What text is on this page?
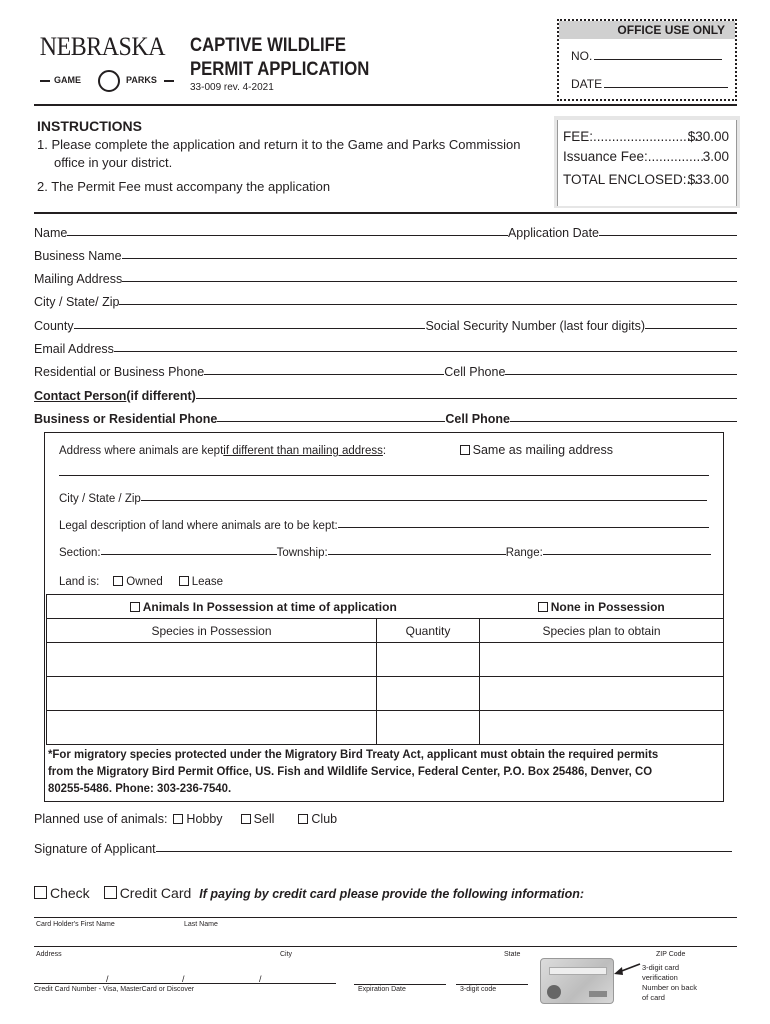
NEBRASKA
GAME	PARKS
CAPTIVE WILDLIFE
PERMIT APPLICATION
33-009 rev. 4-2021
OFFICE USE ONLY
NO.
DATE
INSTRUCTIONS
1. Please complete the application and return it to the Game and Parks Commission
office in your district.
2. The Permit Fee must accompany the application
FEE:............................
$30.00
Issuance Fee:...............
3.00
TOTAL ENCLOSED:...
$33.00
Name	Application Date
Business Name
Mailing Address
City / State/ Zip
County	Social Security Number (last four digits)
Email Address
Residential or Business Phone	Cell Phone
Contact Person (if different)
Business or Residential Phone	Cell Phone
Address where animals are kept if different than mailing address :	Same as mailing address
City / State / Zip
Legal description of land where animals are to be kept:
Section:	Township:	Range:
Land is:	Owned	Lease
Animals In Possession at time of application		None in Possession
Species in Possession	Quantity	Species plan to obtain

*For migratory species protected under the Migratory Bird Treaty Act, applicant must obtain the required permits from the Migratory Bird Permit Office, US. Fish and Wildlife Service, Federal Center, P.O. Box 25486, Denver, CO 80255-5486. Phone: 303-236-7540.
Planned use of animals:	Hobby	Sell	Club
Signature of Applicant
Check	Credit Card If paying by credit card please provide the following information:
Card Holder's First Name	Last Name
Address	City	State	ZIP Code
/	/	/
Credit Card Number - Visa, MasterCard or Discover	Expiration Date	3-digit code
3-digit card
verification
Number on back
of card
